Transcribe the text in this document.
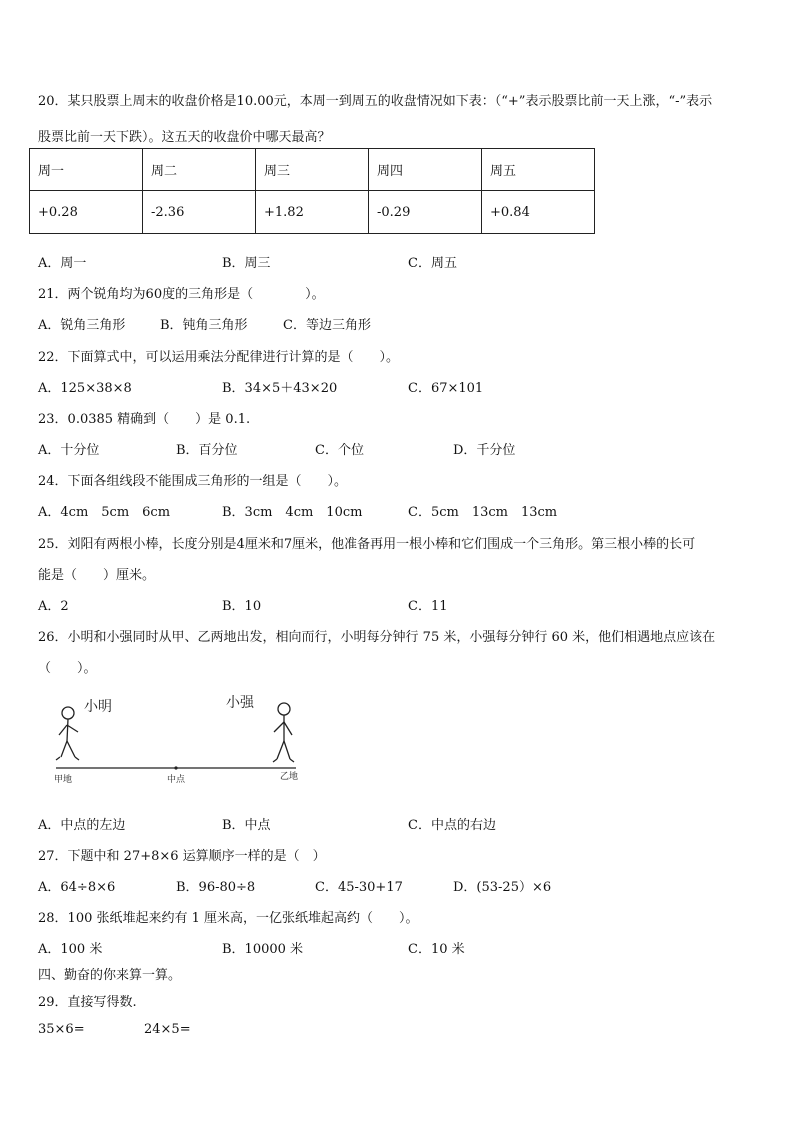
20．某只股票上周末的收盘价格是10.00元，本周一到周五的收盘情况如下表：（“+”表示股票比前一天上涨，“-”表示
股票比前一天下跌）。这五天的收盘价中哪天最高？
周一	周二	周三	周四	周五
+0.28	-2.36	+1.82	-0.29	+0.84
A．周一	B．周三	C．周五
21．两个锐角均为60度的三角形是（　　　　）。
A．锐角三角形	B．钝角三角形	C．等边三角形
22．下面算式中，可以运用乘法分配律进行计算的是（　　）。
A．125×38×8	B．34×5＋43×20	C．67×101
23．0.0385 精确到（　　）是 0.1.
A．十分位	B．百分位	C．个位	D．千分位
24．下面各组线段不能围成三角形的一组是（　　）。
A．4cm　5cm　6cm	B．3cm　4cm　10cm	C．5cm　13cm　13cm
25．刘阳有两根小棒，长度分别是4厘米和7厘米，他准备再用一根小棒和它们围成一个三角形。第三根小棒的长可
能是（　　）厘米。
A．2	B．10	C．11
26．小明和小强同时从甲、乙两地出发，相向而行，小明每分钟行 75 米，小强每分钟行 60 米，他们相遇地点应该在
（　　）。
小明	小强
甲地	中点	乙地
A．中点的左边	B．中点	C．中点的右边
27．下题中和 27+8×6 运算顺序一样的是（　）
A．64÷8×6	B．96-80÷8	C．45-30+17	D．(53-25）×6
28．100 张纸堆起来约有 1 厘米高，一亿张纸堆起高约（　　）。
A．100 米	B．10000 米	C．10 米
四、勤奋的你来算一算。
29．直接写得数.
35×6=	24×5=
